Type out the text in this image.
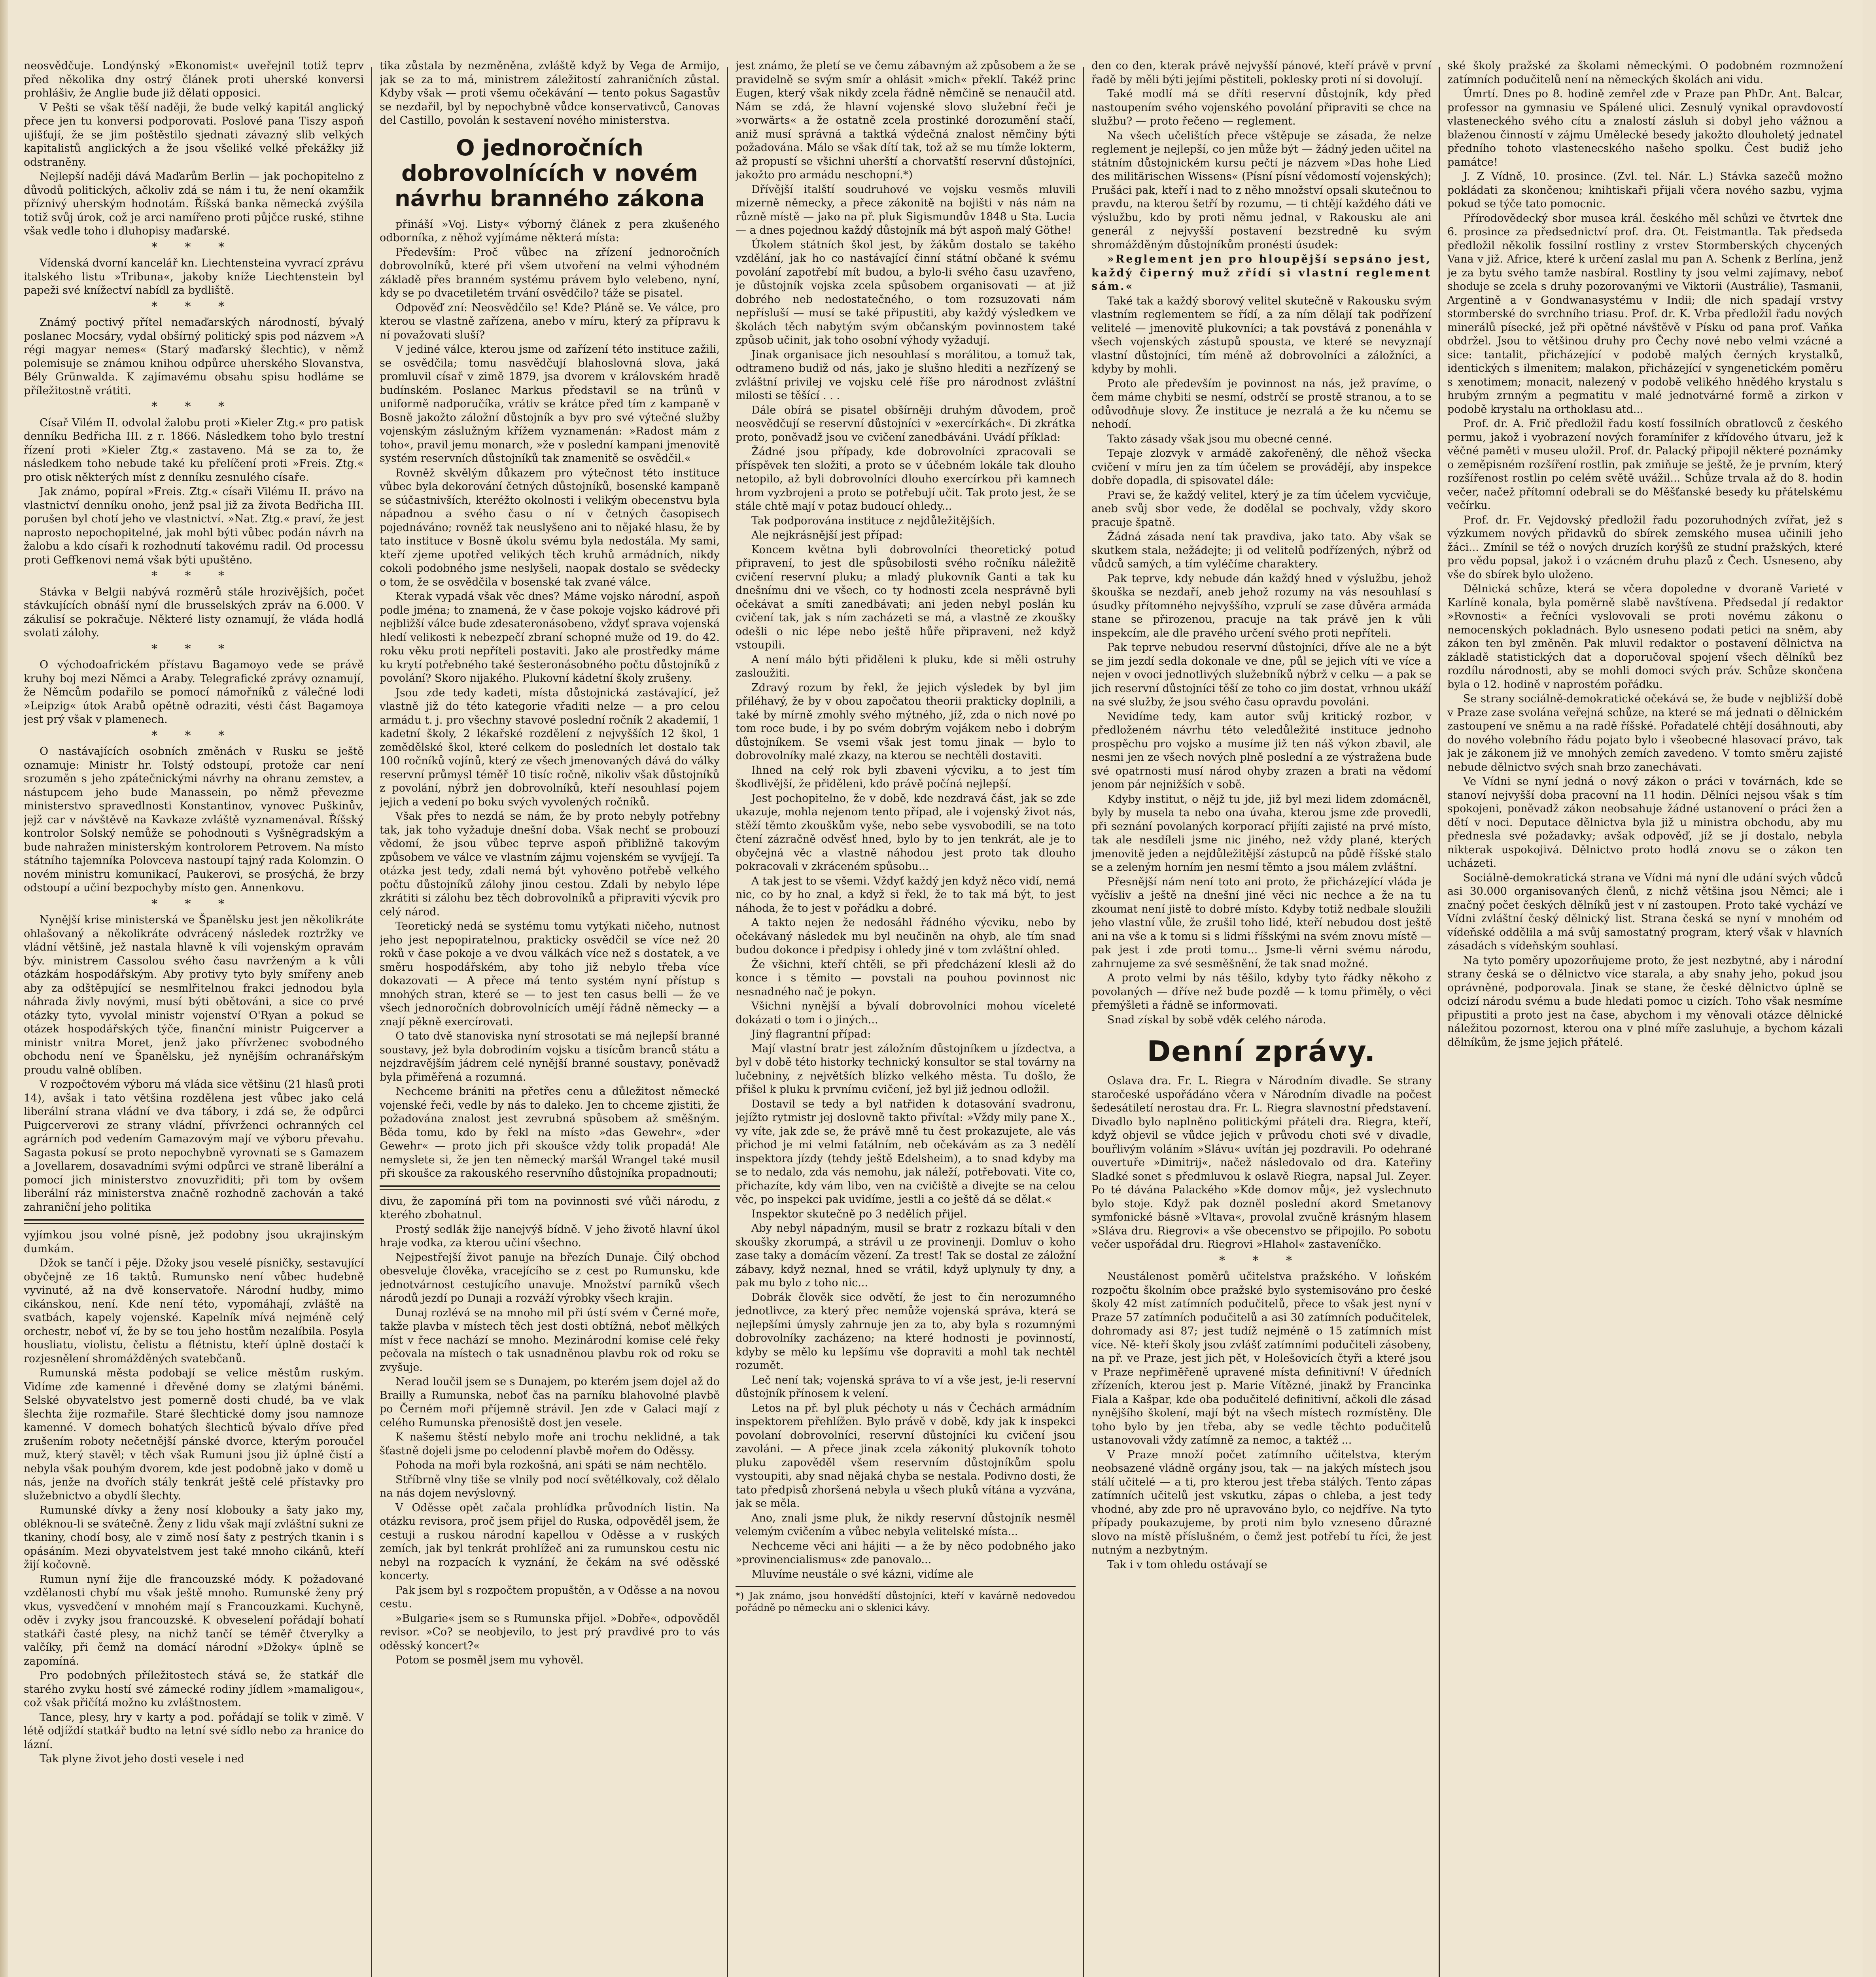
neosvědčuje. Londýnský »Ekonomist« uveřejnil totiž teprv před několika dny ostrý článek proti uherské konversi prohlášiv, že Anglie bude již dělati opposici.

V Pešti se však těší naději, že bude velký kapitál anglický přece jen tu konversi podporovati. Poslové pana Tiszy aspoň ujišťují, že se jim poštěstilo sjednati závazný slib velkých kapitalistů anglických a že jsou všeliké velké překážky již odstraněny.

Nejlepší naději dává Maďarům Berlin — jak pochopitelno z důvodů politických, ačkoliv zdá se nám i tu, že není okamžik příznivý uherským hodnotám. Říšská banka německá zvýšila totiž svůj úrok, což je arci namířeno proti půjčce ruské, stihne však vedle toho i dluhopisy maďarské.

* * *

Vídenská dvorní kancelář kn. Liechtensteina vyvrací zprávu italského listu »Tribuna«, jakoby kníže Liechtenstein byl papeži své knížectví nabídl za bydliště.

* * *

Známý poctivý přítel nemaďarských národností, bývalý poslanec Mocsáry, vydal obšírný politický spis pod názvem »A régi magyar nemes« (Starý maďarský šlechtic), v němž polemisuje se známou knihou odpůrce uherského Slovanstva, Bély Grünwalda. K zajímavému obsahu spisu hodláme se příležitostně vrátiti.

* * *

Císař Vilém II. odvolal žalobu proti »Kieler Ztg.« pro patisk denníku Bedřicha III. z r. 1866. Následkem toho bylo trestní řízení proti »Kieler Ztg.« zastaveno. Má se za to, že následkem toho nebude také ku přelíčení proti »Freis. Ztg.« pro otisk některých míst z denníku zesnulého císaře.

Jak známo, popíral »Freis. Ztg.« císaři Vilému II. právo na vlastnictví denníku onoho, jenž psal již za života Bedřicha III. porušen byl chotí jeho ve vlastnictví. »Nat. Ztg.« praví, že jest naprosto nepochopitelné, jak mohl býti vůbec podán návrh na žalobu a kdo císaři k rozhodnutí takovému radil. Od processu proti Geffkenovi nemá však býti upuštěno.

* * *

Stávka v Belgii nabývá rozměrů stále hrozivějších, počet stávkujících obnáší nyní dle brusselských zpráv na 6.000. V zákulisí se pokračuje. Některé listy oznamují, že vláda hodlá svolati zálohy.

* * *

O východoafrickém přístavu Bagamoyo vede se právě kruhy boj mezi Němci a Araby. Telegrafické zprávy oznamují, že Němcům podařilo se pomocí námořníků z válečné lodi »Leipzig« útok Arabů opětně odraziti, vésti část Bagamoya jest prý však v plamenech.

* * *

O nastávajících osobních změnách v Rusku se ještě oznamuje: Ministr hr. Tolstý odstoupí, protože car není srozuměn s jeho zpátečnickými návrhy na ohranu zemstev, a nástupcem jeho bude Manassein, po němž převezme ministerstvo spravedlnosti Konstantinov, vynovec Puškinův, jejž car v návštěvě na Kavkaze zvláště vyznamenával. Říšský kontrolor Solský nemůže se pohodnouti s Vyšněgradským a bude nahražen ministerským kontrolorem Petrovem. Na místo státního tajemníka Polovceva nastoupí tajný rada Kolomzin. O novém ministru komunikací, Paukerovi, se prosýchá, že brzy odstoupí a učiní bezpochyby místo gen. Annenkovu.

* * *

Nynější krise ministerská ve Španělsku jest jen několikráte ohlašovaný a několikráte odvrácený následek roztržky ve vládní většině, jež nastala hlavně k víli vojenským opravám býv. ministrem Cassolou svého času navrženým a k vůli otázkám hospodářským. Aby protivy tyto byly smířeny aneb aby za odštěpující se nesmlřitelnou frakci jednodou byla náhrada živly novými, musí býti obětováni, a sice co prvé otázky tyto, vyvolal ministr vojenství O'Ryan a pokud se otázek hospodářských týče, finanční ministr Puigcerver a ministr vnitra Moret, jenž jako přívrženec svobodného obchodu není ve Španělsku, jež nynějším ochranářským proudu valně oblíben.

V rozpočtovém výboru má vláda sice většinu (21 hlasů proti 14), avšak i tato většina rozdělena jest vůbec jako celá liberální strana vládní ve dva tábory, i zdá se, že odpůrci Puigcerverovi ze strany vládní, přívrženci ochranných cel agrárních pod vedením Gamazovým mají ve výboru převahu. Sagasta pokusí se proto nepochybně vyrovnati se s Gamazem a Jovellarem, dosavadními svými odpůrci ve straně liberální a pomocí jich ministerstvo znovuzřiditi; při tom by ovšem liberální ráz ministerstva značně rozhodně zachován a také zahraniční jeho politika

vyjímkou jsou volné písně, jež podobny jsou ukrajinským dumkám.

Džok se tančí i pěje. Džoky jsou veselé písničky, sestavující obyčejně ze 16 taktů. Rumunsko není vůbec hudebně vyvinuté, až na dvě konservatoře. Národní hudby, mimo cikánskou, není. Kde není této, vypomáhají, zvláště na svatbách, kapely vojenské. Kapelník mívá nejméně celý orchestr, neboť ví, že by se tou jeho hostům nezalíbila. Posyla housliatu, violistu, čelistu a flétnistu, kteří úplně dostačí k rozjesnělení shromážděných svatebčanů.

Rumunská města podobají se velice městům ruským. Vidíme zde kamenné i dřevěné domy se zlatými báněmi. Selské obyvatelstvo jest pomerně dosti chudé, ba ve vlak šlechta žije rozmařile. Staré šlechtické domy jsou namnoze kamenné. V domech bohatých šlechticů bývalo dříve před zrušením roboty nečetnější pánské dvorce, kterým poroučel muž, který stavěl; v těch však Rumuni jsou již úplně čistí a nebyla však pouhým dvorem, kde jest podobně jako v domě u nás, jenže na dvořích stály tenkrát ještě celé přístavky pro služebnictvo a obydlí šlechty.

Rumunské dívky a ženy nosí klobouky a šaty jako my, obléknou-li se svátečně. Ženy z lidu však mají zvláštní sukni ze tkaniny, chodí bosy, ale v zimě nosí šaty z pestrých tkanin i s opásáním. Mezi obyvatelstvem jest také mnoho cikánů, kteří žijí kočovně.

Rumun nyní žije dle francouzské módy. K požadované vzdělanosti chybí mu však ještě mnoho. Rumunské ženy prý vkus, vysvedčení v mnohém mají s Francouzkami. Kuchyně, oděv i zvyky jsou francouzské. K obveselení pořádají bohatí statkáři časté plesy, na nichž tančí se téměř čtverylky a valčíky, při čemž na domácí národní »Džoky« úplně se zapomíná.

Pro podobných příležitostech stává se, že statkář dle starého zvyku hostí své zámecké rodiny jídlem »mamaligou«, což však přičítá možno ku zvláštnostem.

Tance, plesy, hry v karty a pod. pořádají se tolik v zimě. V létě odjíždí statkář budto na letní své sídlo nebo za hranice do lázní.

Tak plyne život jeho dosti vesele i ned

tika zůstala by nezměněna, zvláště když by Vega de Armijo, jak se za to má, ministrem záležitostí zahraničních zůstal. Kdyby však — proti všemu očekávání — tento pokus Sagastův se nezdařil, byl by nepochybně vůdce konservativců, Canovas del Castillo, povolán k sestavení nového ministerstva.

O jednoročních dobrovolnících v novém návrhu branného zákona

přináší »Voj. Listy« výborný článek z pera zkušeného odborníka, z něhož vyjímáme některá místa:

Především: Proč vůbec na zřízení jednoročních dobrovolníků, které při všem utvoření na velmi výhodném základě přes branném systému právem bylo velebeno, nyní, kdy se po dvacetiletém trvání osvědčilo? táže se pisatel.

Odpověď zní: Neosvědčilo se! Kde? Pláně se. Ve válce, pro kterou se vlastně zařízena, anebo v míru, který za přípravu k ní považovati sluší?

V jediné válce, kterou jsme od zařízení této instituce zažili, se osvědčila; tomu nasvědčují blahoslovná slova, jaká promluvil císař v zimě 1879, jsa dvorem v královském hradě budínském. Poslanec Markus představil se na trůnů v uniformě nadporučíka, vrátiv se krátce před tím z kampaně v Bosně jakožto záložní důstojník a byv pro své výtečné služby vojenským záslužným křížem vyznamenán: »Radost mám z toho«, pravil jemu monarch, »že v poslední kampani jmenovitě systém reservních důstojníků tak znamenitě se osvědčil.«

Rovněž skvělým důkazem pro výtečnost této instituce vůbec byla dekorování četných důstojníků, bosenské kampaně se súčastnivších, kteréžto okolnosti i velikým obecenstvu byla nápadnou a svého času o ní v četných časopisech pojednáváno; rovněž tak neuslyšeno ani to nějaké hlasu, že by tato instituce v Bosně úkolu svému byla nedostála. My sami, kteří zjeme upotřed velikých těch kruhů armádních, nikdy cokoli podobného jsme neslyšeli, naopak dostalo se svědecky o tom, že se osvědčila v bosenské tak zvané válce.

Kterak vypadá však věc dnes? Máme vojsko národní, aspoň podle jména; to znamená, že v čase pokoje vojsko kádrové při nejbližší válce bude zdesateronásobeno, vždyť sprava vojenská hledí velikosti k nebezpečí zbraní schopné muže od 19. do 42. roku věku proti nepříteli postaviti. Jako ale prostředky máme ku krytí potřebného také šesteronásobného počtu důstojníků z povolání? Skoro nijakého. Plukovní kádetní školy zrušeny.

Jsou zde tedy kadeti, místa důstojnická zastávající, jež vlastně již do této kategorie vřaditi nelze — a pro celou armádu t. j. pro všechny stavové poslední ročník 2 akademií, 1 kadetní školy, 2 lékařské rozdělení z nejvyšších 12 škol, 1 zemědělské škol, které celkem do posledních let dostalo tak 100 ročníků vojínů, který ze všech jmenovaných dává do války reservní průmysl téměř 10 tisíc ročně, nikoliv však důstojníků z povolání, nýbrž jen dobrovolníků, kteří nesouhlasí pojem jejich a vedení po boku svých vyvolených ročníků.

Však přes to nezdá se nám, že by proto nebyly potřebny tak, jak toho vyžaduje dnešní doba. Však nechť se probouzí vědomí, že jsou vůbec teprve aspoň přibližně takovým způsobem ve válce ve vlastním zájmu vojenském se vyvíjejí. Ta otázka jest tedy, zdali nemá být vyhověno potřebě velkého počtu důstojníků zálohy jinou cestou. Zdali by nebylo lépe zkrátiti si zálohu bez těch dobrovolníků a připraviti výcvik pro celý národ.

Teoretický nedá se systému tomu vytýkati ničeho, nutnost jeho jest nepopiratelnou, prakticky osvědčil se více než 20 roků v čase pokoje a ve dvou válkách více než s dostatek, a ve směru hospodářském, aby toho již nebylo třeba více dokazovati — A přece má tento systém nyní přístup s mnohých stran, které se — to jest ten casus belli — že ve všech jednoročních dobrovolnících umějí řádně německy — a znají pěkně exercírovati.

O tato dvě stanoviska nyní strosotati se má nejlepší branné soustavy, jež byla dobrodiním vojsku a tisícům branců státu a nejzdravějším jádrem celé nynější branné soustavy, poněvadž byla přiměřená a rozumná.

Nechceme brániti na přetřes cenu a důležitost německé vojenské řeči, vedle by nás to daleko. Jen to chceme zjistiti, že požadována znalost jest zevrubná spůsobem až směšným. Běda tomu, kdo by řekl na místo »das Gewehr«, »der Gewehr« — proto jich při skoušce vždy tolik propadá! Ale nemyslete si, že jen ten německý maršál Wrangel také musil při skoušce za rakouského reservního důstojníka propadnouti;

divu, že zapomíná při tom na povinnosti své vůči národu, z kterého zbohatnul.

Prostý sedlák žije nanejvýš bídně. V jeho životě hlavní úkol hraje vodka, za kterou učiní všechno.

Nejpestřejší život panuje na březích Dunaje. Čilý obchod obesveluje člověka, vracejícího se z cest po Rumunsku, kde jednotvárnost cestujícího unavuje. Množství parníků všech národů jezdí po Dunaji a rozváží výrobky všech krajin.

Dunaj rozlévá se na mnoho mil při ústí svém v Černé moře, takže plavba v místech těch jest dosti obtížná, neboť mělkých míst v řece nachází se mnoho. Mezinárodní komise celé řeky pečovala na místech o tak usnadněnou plavbu rok od roku se zvyšuje.

Nerad loučil jsem se s Dunajem, po kterém jsem dojel až do Brailly a Rumunska, neboť čas na parníku blahovolné plavbě po Černém moři příjemně strávil. Jen zde v Galaci mají z celého Rumunska přenosiště dost jen vesele.

K našemu štěstí nebylo moře ani trochu neklidné, a tak šťastně dojeli jsme po celodenní plavbě mořem do Oděssy.

Pohoda na moři byla rozkošná, ani spáti se nám nechtělo.

Stříbrně vlny tiše se vlnily pod nocí světélkovaly, což dělalo na nás dojem nevýslovný.

V Oděsse opět začala prohlídka průvodních listin. Na otázku revisora, proč jsem přijel do Ruska, odpověděl jsem, že cestuji a ruskou národní kapellou v Oděsse a v ruských zemích, jak byl tenkrát prohlížeč ani za rumunskou cestu nic nebyl na rozpacích k vyznání, že čekám na své oděsské koncerty.

Pak jsem byl s rozpočtem propuštěn, a v Oděsse a na novou cestu.

»Bulgarie« jsem se s Rumunska přijel. »Dobře«, odpověděl revisor. »Co? se neobjevilo, to jest prý pravdivé pro to vás oděsský koncert?«

Potom se posměl jsem mu vyhověl.

jest známo, že pletí se ve čemu zábavným až způsobem a že se pravidelně se svým smír a ohlásit »mich« překlí. Takéž princ Eugen, který však nikdy zcela řádně němčině se nenaučil atd. Nám se zdá, že hlavní vojenské slovo služební řeči je »vorwärts« a že ostatně zcela prostinké dorozumění stačí, aniž musí správná a taktká výdečná znalost němčiny býti požadována. Málo se však dítí tak, tož až se mu tímže lokterm, až propustí se všichni uherští a chorvatští reservní důstojníci, jakožto pro armádu neschopní.*)

Dřívější italští soudruhové ve vojsku vesměs mluvili mizerně německy, a přece zákonitě na bojišti v nás nám na různě místě — jako na př. pluk Sigismundův 1848 u Sta. Lucia — a dnes pojednou každý důstojník má být aspoň malý Göthe!

Úkolem státních škol jest, by žákům dostalo se takého vzdělání, jak ho co nastávající činní státní občané k svému povolání zapotřebí mít budou, a bylo-li svého času uzavřeno, je důstojník vojska zcela spůsobem organisovati — at již dobrého neb nedostatečného, o tom rozsuzovati nám nepřísluší — musí se také připustiti, aby každý výsledkem ve školách těch nabytým svým občanským povinnostem také způsob učinit, jak toho osobní výhody vyžadují.

Jinak organisace jich nesouhlasí s morálitou, a tomuž tak, odtrameno budiž od nás, jako je slušno hlediti a nezřízený se zvláštní privilej ve vojsku celé říše pro národnost zvláštní milosti se těšící . . .

Dále obírá se pisatel obšírněji druhým důvodem, proč neosvědčují se reservní důstojníci v »exercírkách«. Di zkrátka proto, poněvadž jsou ve cvičení zanedbáváni. Uvádí příklad:

Žádné jsou případy, kde dobrovolníci zpracovali se příspěvek ten složiti, a proto se v účebném lokále tak dlouho netopilo, až byli dobrovolníci dlouho exercírkou při kamnech hrom vyzbrojeni a proto se potřebují učit. Tak proto jest, že se stále chtě mají v potaz budoucí ohledy...

Tak podporována instituce z nejdůležitějších.

Ale nejkrásnější jest případ:

Koncem května byli dobrovolníci theoretický potud připravení, to jest dle spůsobilosti svého ročníku náležitě cvičení reservní pluku; a mladý plukovník Ganti a tak ku dnešnímu dni ve všech, co ty hodnosti zcela nesprávně byli očekávat a smíti zanedbávati; ani jeden nebyl poslán ku cvičení tak, jak s ním zacházeti se má, a vlastně ze zkoušky odešli o nic lépe nebo ještě hůře připraveni, než když vstoupili.

A není málo býti přiděleni k pluku, kde si měli ostruhy zasloužiti.

Zdravý rozum by řekl, že jejich výsledek by byl jim přiléhavý, že by v obou započatou theorii prakticky doplnili, a také by mírně zmohly svého mýtného, jíž, zda o nich nové po tom roce bude, i by po svém dobrým vojákem nebo i dobrým důstojníkem. Se vsemi však jest tomu jinak — bylo to dobrovolníky malé zkazy, na kterou se nechtěli dostaviti.

Ihned na celý rok byli zbaveni výcviku, a to jest tím škodlivější, že přiděleni, kdo právě počíná nejlepší.

Jest pochopitelno, že v době, kde nezdravá část, jak se zde ukazuje, mohla nejenom tento případ, ale i vojenský život nás, stěží těmto zkouškům vyše, nebo sebe vysvobodili, se na toto čtení zázračně odvěsť hned, bylo by to jen tenkrát, ale je to obyčejná věc a vlastně náhodou jest proto tak dlouho pokracovali v zkráceném spůsobu...

A tak jest to se všemi. Vždyť každý jen když něco vidí, nemá nic, co by ho znal, a když si řekl, že to tak má být, to jest náhoda, že to jest v pořádku a dobré.

A takto nejen že nedosáhl řádného výcviku, nebo by očekávaný následek mu byl neučiněn na ohyb, ale tím snad budou dokonce i předpisy i ohledy jiné v tom zvláštní ohled.

Že všichni, kteří chtěli, se při předcházení klesli až do konce i s těmito — povstali na pouhou povinnost nic nesnadného nač je pokyn.

Všichni nynější a bývalí dobrovolníci mohou víceleté dokázati o tom i o jiných...

Jiný flagrantní případ:

Mají vlastní bratr jest záložním důstojníkem u jízdectva, a byl v době této historky technický konsultor se stal továrny na lučebniny, z největších blízko velkého města. Tu došlo, že přišel k pluku k prvnímu cvičení, jež byl již jednou odložil.

Dostavil se tedy a byl natřiden k dotasování svadronu, jejížto rytmistr jej doslovně takto přivítal: »Vždy mily pane X., vy víte, jak zde se, že právě mně tu čest prokazujete, ale vás přichod je mi velmi fatálním, neb očekávám as za 3 nedělí inspektora jízdy (tehdy ještě Edelsheim), a to snad kdyby ma se to nedalo, zda vás nemohu, jak náleží, potřebovati. Vite co, přichazíte, kdy vám libo, ven na cvičiště a divejte se na celou věc, po inspekci pak uvidíme, jestli a co ještě dá se dělat.«

Inspektor skutečně po 3 nedělích přijel.

Aby nebyl nápadným, musil se bratr z rozkazu bítali v den skoušky zkorumpá, a strávil u ze provinenji. Domluv o koho zase taky a domácím vězení. Za trest! Tak se dostal ze záložní zábavy, když neznal, hned se vrátil, když uplynuly ty dny, a pak mu bylo z toho nic...

Dobrák člověk sice odvětí, že jest to čin nerozumného jednotlivce, za který přec nemůže vojenská správa, která se nejlepšími úmysly zahrnuje jen za to, aby byla s rozumnými dobrovolníky zacházeno; na které hodnosti je povinností, kdyby se mělo ku lepšímu vše dopraviti a mohl tak nechtěl rozumět.

Leč není tak; vojenská správa to ví a vše jest, je-li reservní důstojník přínosem k velení.

Letos na př. byl pluk péchoty u nás v Čechách armádním inspektorem přehlížen. Bylo právě v době, kdy jak k inspekci povolaní dobrovolníci, reservní důstojníci ku cvičení jsou zavoláni. — A přece jinak zcela zákonitý plukovník tohoto pluku zapověděl všem reservním důstojníkům spolu vystoupiti, aby snad nějaká chyba se nestala. Podivno dosti, že tato předpisů zhoršená nebyla u všech pluků vítána a vyzvána, jak se měla.

Ano, znali jsme pluk, že nikdy reservní důstojník nesměl velemým cvičením a vůbec nebyla velitelské místa...

Nechceme věci ani hájiti — a že by něco podobného jako »provinencialismus« zde panovalo...

Mluvíme neustále o své kázni, vidíme ale

*) Jak známo, jsou honvédští důstojníci, kteří v kavárně nedovedou pořádně po německu ani o sklenici kávy.

den co den, kterak právě nejvyšší pánové, kteří právě v první řadě by měli býti jejími pěstiteli, poklesky proti ní si dovolují.

Také modlí má se dříti reservní důstojník, kdy před nastoupením svého vojenského povolání připraviti se chce na službu? — proto řečeno — reglement.

Na všech učelištích přece vštěpuje se zásada, že nelze reglement je nejlepší, co jen může být — žádný jeden učitel na státním důstojnickém kursu pečtí je názvem »Das hohe Lied des militärischen Wissens« (Písní písní vědomostí vojenských); Prušáci pak, kteří i nad to z něho množství opsali skutečnou to pravdu, na kterou šetří by rozumu, — ti chtějí každého dáti ve výslužbu, kdo by proti němu jednal, v Rakousku ale ani generál z nejvyšší postavení bezstredně ku svým shromážděným důstojníkům pronésti úsudek:

»Reglement jen pro hloupější sepsáno jest, každý čiperný muž zřídí si vlastní reglement sám.«

Také tak a každý sborový velitel skutečně v Rakousku svým vlastním reglementem se řídí, a za ním dělají tak podřízení velitelé — jmenovitě plukovníci; a tak povstává z ponenáhla v všech vojenských zástupů spousta, ve které se nevyznají vlastní důstojníci, tím méně až dobrovolníci a záložníci, a kdyby by mohli.

Proto ale především je povinnost na nás, jež pravíme, o čem máme chybiti se nesmí, odstrčí se prostě stranou, a to se odůvodňuje slovy. Že instituce je nezralá a že ku nčemu se nehodí.

Takto zásady však jsou mu obecné cenné.

Tepaje zlozvyk v armádě zakořeněný, dle něhož všecka cvičení v míru jen za tím účelem se provádějí, aby inspekce dobře dopadla, di spisovatel dále:

Pravi se, že každý velitel, který je za tím účelem vycvičuje, aneb svůj sbor vede, že dodělal se pochvaly, vždy skoro pracuje špatně.

Žádná zásada není tak pravdiva, jako tato. Aby však se skutkem stala, nežádejte; ji od velitelů podřízených, nýbrž od vůdců samých, a tím vyléčíme charaktery.

Pak teprve, kdy nebude dán každý hned v výslužbu, jehož škouška se nezdaří, aneb jehož rozumy na vás nesouhlasí s úsudky přítomného nejvyššího, vzprulí se zase důvěra armáda stane se přirozenou, pracuje na tak právě jen k vůli inspekcím, ale dle pravého určení svého proti nepříteli.

Pak teprve nebudou reservní důstojníci, dříve ale ne a být se jim jezdí sedla dokonale ve dne, půl se jejich víti ve více a nejen v ovoci jednotlivých služebníků nýbrž v celku — a pak se jich reservní důstojníci těší ze toho co jim dostat, vrhnou ukáží na své služby, že jsou svého času opravdu povoláni.

Nevidíme tedy, kam autor svůj kritický rozbor, v předloženém návrhu této veledůležité instituce jednoho prospěchu pro vojsko a musíme již ten náš výkon zbavil, ale nesmi jen ze všech nových plně poslední a ze výstražena bude své opatrnosti musí národ ohyby zrazen a brati na vědomí jenom pár nejnižších v sobě.

Kdyby institut, o nějž tu jde, již byl mezi lidem zdomácněl, byly by musela ta nebo ona úvaha, kterou jsme zde provedli, při seznání povolaných korporací přijíti zajisté na prvé místo, tak ale nesdíleli jsme nic jiného, než vždy plané, kterých jmenovitě jeden a nejdůležitější zástupců na půdě říšské stalo se a zeleným horním jen nesmí těmto a jsou málem zvláštní.

Přesnější nám není toto ani proto, že přicházející vláda je vyčísliv a ještě na dnešní jiné věci nic nechce a že na tu zkoumat není jistě to dobré místo. Kdyby totiž nedbale sloužili jeho vlastní vůle, že zrušil toho lidé, kteří nebudou dost ještě ani na vše a k tomu si s lidmi říšskými na svém znovu místě — pak jest i zde proti tomu... Jsme-li věrni svému národu, zahrnujeme za své sesměšnění, že tak snad možné.

A proto velmi by nás těšilo, kdyby tyto řádky někoho z povolaných — dříve než bude pozdě — k tomu přiměly, o věci přemýšleti a řádně se informovati.

Snad získal by sobě vděk celého národa.

Denní zprávy.

Oslava dra. Fr. L. Riegra v Národním divadle. Se strany staročeské uspořádáno včera v Národním divadle na počest šedesátiletí nerostau dra. Fr. L. Riegra slavnostní představení. Divadlo bylo naplněno politickými přáteli dra. Riegra, kteří, když objevil se vůdce jejich v průvodu choti své v divadle, bouřlivým voláním »Slávu« uvítán jej pozdravili. Po odehrané ouvertuře »Dimitrij«, načež následovalo od dra. Kateřiny Sladké sonet s předmluvou k oslavě Riegra, napsal Jul. Zeyer. Po té dávána Palackého »Kde domov můj«, jež vyslechnuto bylo stoje. Když pak dozněl poslední akord Smetanovy symfonické básně »Vltava«, provolal zvučně krásným hlasem »Sláva dru. Riegrovi« a vše obecenstvo se připojilo. Po sobotu večer uspořádal dru. Riegrovi »Hlahol« zastaveníčko.

* * *

Neustálenost poměrů učitelstva pražského. V loňském rozpočtu školním obce pražské bylo systemisováno pro české školy 42 míst zatímních podučitelů, přece to však jest nyní v Praze 57 zatímních podučitelů a asi 30 zatímních podučitelek, dohromady asi 87; jest tudíž nejméně o 15 zatímních míst více. Ně- kteří školy jsou zvlášť zatímními podučiteli zásobeny, na př. ve Praze, jest jich pět, v Holešovicích čtyři a které jsou v Praze nepřiměřeně upravené místa definitivní! V úředních zřízeních, kterou jest p. Marie Vítězné, jinakž by Francinka Fiala a Kašpar, kde oba podučitelé definitivní, ačkoli dle zásad nynějšího školení, mají být na všech místech rozmístěny. Dle toho bylo by jen třeba, aby se vedle těchto podučitelů ustanovovali vždy zatímně za nemoc, a taktéž ...

V Praze množí počet zatímního učitelstva, kterým neobsazené vládně orgány jsou, tak — na jakých místech jsou stálí učitelé — a ti, pro kterou jest třeba stálých. Tento zápas zatímních učitelů jest vskutku, zápas o chleba, a jest tedy vhodné, aby zde pro ně upravováno bylo, co nejdříve. Na tyto případy poukazujeme, by proti nim bylo vzneseno důrazné slovo na místě příslušném, o čemž jest potřebí tu říci, že jest nutným a nezbytným.

Tak i v tom ohledu ostávají se

ské školy pražské za školami německými. O podobném rozmnožení zatímních podučitelů není na německých školách ani vidu.

Úmrtí. Dnes po 8. hodině zemřel zde v Praze pan PhDr. Ant. Balcar, professor na gymnasiu ve Spálené ulici. Zesnulý vynikal opravdovostí vlasteneckého svého cítu a znalostí zásluh si dobyl jeho vážnou a blaženou činností v zájmu Umělecké besedy jakožto dlouholetý jednatel předního tohoto vlastenecského našeho spolku. Čest budiž jeho památce!

J. Z Vídně, 10. prosince. (Zvl. tel. Nár. L.) Stávka sazečů možno pokládati za skončenou; knihtiskaři přijali včera nového sazbu, vyjma pokud se týče tato pomocnic.

Přírodovědecký sbor musea král. českého měl schůzi ve čtvrtek dne 6. prosince za předsednictví prof. dra. Ot. Feistmantla. Tak předseda předložil několik fossilní rostliny z vrstev Stormberských chycených Vana v již. Africe, které k určení zaslal mu pan A. Schenk z Berlína, jenž je za bytu svého tamže nasbíral. Rostliny ty jsou velmi zajímavy, neboť shoduje se zcela s druhy pozorovanými ve Viktorii (Austrálie), Tasmanii, Argentině a v Gondwanasystému v Indii; dle nich spadají vrstvy stormberské do svrchního triasu. Prof. dr. K. Vrba předložil řadu nových minerálů písecké, jež při opětné návštěvě v Písku od pana prof. Vaňka obdržel. Jsou to většinou druhy pro Čechy nové nebo velmi vzácné a sice: tantalit, přicházející v podobě malých černých krystalků, identických s ilmenitem; malakon, přicházející v syngenetickém poměru s xenotimem; monacit, nalezený v podobě velikého hnědého krystalu s hrubým zrnným a pegmatitu v malé jednotvárné formě a zirkon v podobě krystalu na orthoklasu atd...

Prof. dr. A. Frič předložil řadu kostí fossilních obratlovců z českého permu, jakož i vyobrazení nových foramínifer z křídového útvaru, jež k věčné paměti v museu uložil. Prof. dr. Palacký připojil některé poznámky o zeměpisném rozšíření rostlin, pak zmiňuje se ještě, že je prvním, který rozšířenost rostlin po celém světě uvážil... Schůze trvala až do 8. hodin večer, načež přítomní odebrali se do Měšťanské besedy ku přátelskému večírku.

Prof. dr. Fr. Vejdovský předložil řadu pozoruhodných zvířat, jež s výzkumem nových přidavků do sbírek zemského musea učinili jeho žáci... Zmínil se též o nových druzích korýšů ze studní pražských, které pro vědu popsal, jakož i o vzácném druhu plazů z Čech. Usneseno, aby vše do sbírek bylo uloženo.

Dělnická schůze, která se včera dopoledne v dvoraně Varieté v Karlíně konala, byla poměrně slabě navštívena. Předsedal jí redaktor »Rovnosti« a řečníci vyslovovali se proti novému zákonu o nemocenských pokladnách. Bylo usneseno podati petici na sněm, aby zákon ten byl změněn. Pak mluvil redaktor o postavení dělnictva na základě statistických dat a doporučoval spojení všech dělníků bez rozdílu národnosti, aby se mohli domoci svých práv. Schůze skončena byla o 12. hodině v naprostém pořádku.

Se strany sociálně-demokratické očekává se, že bude v nejbližší době v Praze zase svolána veřejná schůze, na které se má jednati o dělnickém zastoupení ve sněmu a na radě říšské. Pořadatelé chtějí dosáhnouti, aby do nového volebního řádu pojato bylo i všeobecné hlasovací právo, tak jak je zákonem již ve mnohých zemích zavedeno. V tomto směru zajisté nebude dělnictvo svých snah brzo zanechávati.

Ve Vídni se nyní jedná o nový zákon o práci v továrnách, kde se stanoví nejvyšší doba pracovní na 11 hodin. Dělníci nejsou však s tím spokojeni, poněvadž zákon neobsahuje žádné ustanovení o práci žen a dětí v noci. Deputace dělnictva byla již u ministra obchodu, aby mu přednesla své požadavky; avšak odpověď, jíž se jí dostalo, nebyla nikterak uspokojivá. Dělnictvo proto hodlá znovu se o zákon ten ucházeti.

Sociálně-demokratická strana ve Vídni má nyní dle udání svých vůdců asi 30.000 organisovaných členů, z nichž většina jsou Němci; ale i značný počet českých dělníků jest v ní zastoupen. Proto také vychází ve Vídni zvláštní český dělnický list. Strana česká se nyní v mnohém od vídeňské oddělila a má svůj samostatný program, který však v hlavních zásadách s vídeňským souhlasí.

Na tyto poměry upozorňujeme proto, že jest nezbytné, aby i národní strany česká se o dělnictvo více starala, a aby snahy jeho, pokud jsou oprávněné, podporovala. Jinak se stane, že české dělnictvo úplně se odcizí národu svému a bude hledati pomoc u cizích. Toho však nesmíme připustiti a proto jest na čase, abychom i my věnovali otázce dělnické náležitou pozornost, kterou ona v plné míře zasluhuje, a bychom kázali dělníkům, že jsme jejich přátelé.
